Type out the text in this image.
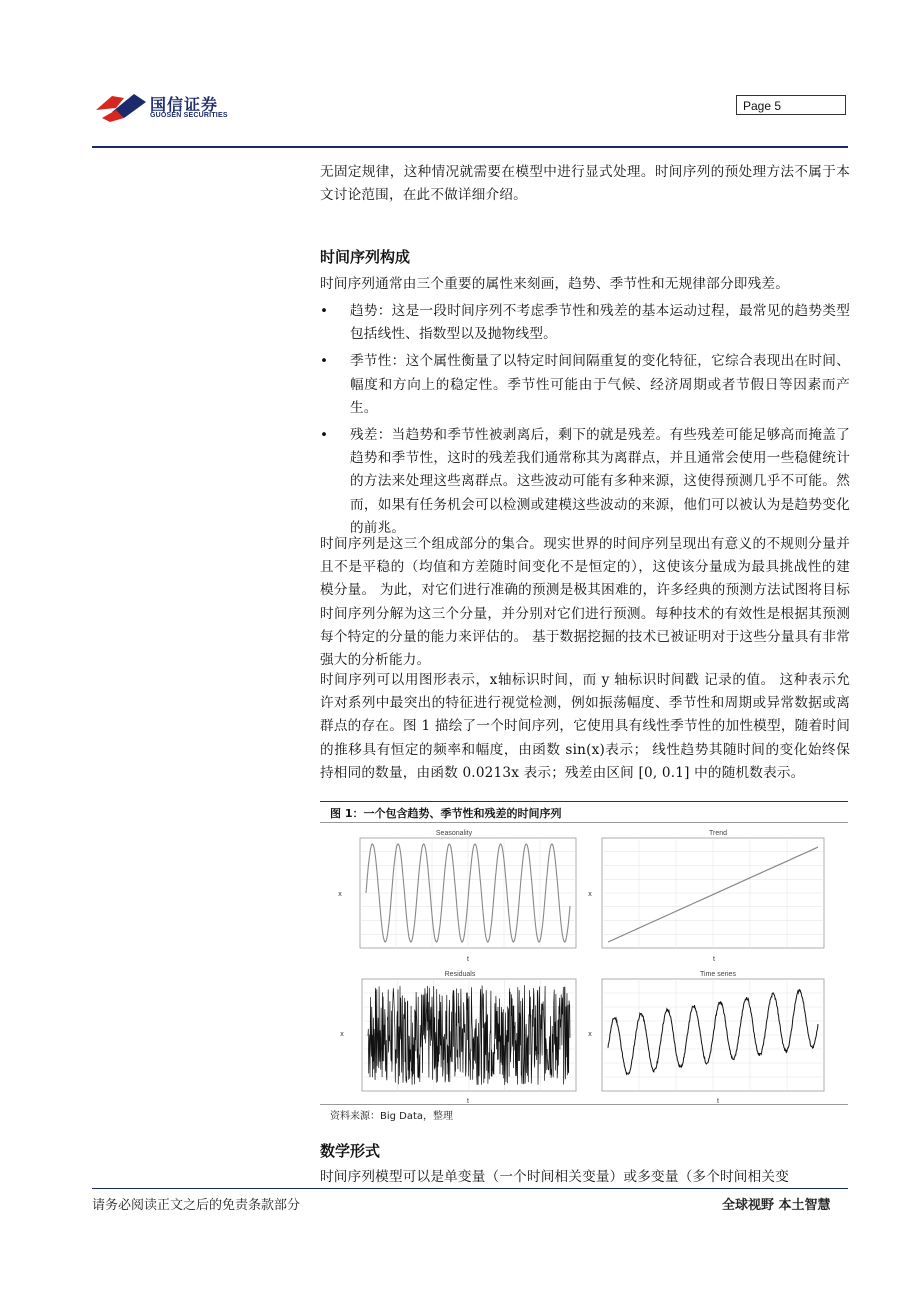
国信证券
GUOSEN SECURITIES
Page 5

无固定规律，这种情况就需要在模型中进行显式处理。时间序列的预处理方法不属于本文讨论范围，在此不做详细介绍。

时间序列构成

时间序列通常由三个重要的属性来刻画，趋势、季节性和无规律部分即残差。

• 趋势：这是一段时间序列不考虑季节性和残差的基本运动过程，最常见的趋势类型包括线性、指数型以及抛物线型。
• 季节性：这个属性衡量了以特定时间间隔重复的变化特征，它综合表现出在时间、幅度和方向上的稳定性。季节性可能由于气候、经济周期或者节假日等因素而产生。
• 残差：当趋势和季节性被剥离后，剩下的就是残差。有些残差可能足够高而掩盖了趋势和季节性，这时的残差我们通常称其为离群点，并且通常会使用一些稳健统计的方法来处理这些离群点。这些波动可能有多种来源，这使得预测几乎不可能。然而，如果有任务机会可以检测或建模这些波动的来源，他们可以被认为是趋势变化的前兆。

时间序列是这三个组成部分的集合。现实世界的时间序列呈现出有意义的不规则分量并且不是平稳的（均值和方差随时间变化不是恒定的），这使该分量成为最具挑战性的建模分量。 为此，对它们进行准确的预测是极其困难的，许多经典的预测方法试图将目标时间序列分解为这三个分量，并分别对它们进行预测。每种技术的有效性是根据其预测每个特定的分量的能力来评估的。 基于数据挖掘的技术已被证明对于这些分量具有非常强大的分析能力。

时间序列可以用图形表示，x轴标识时间，而 y 轴标识时间戳 记录的值。 这种表示允许对系列中最突出的特征进行视觉检测，例如振荡幅度、季节性和周期或异常数据或离群点的存在。图 1 描绘了一个时间序列，它使用具有线性季节性的加性模型，随着时间的推移具有恒定的频率和幅度，由函数 sin(x)表示； 线性趋势其随时间的变化始终保持相同的数量，由函数 0.0213x 表示；残差由区间 [0, 0.1] 中的随机数表示。

图 1：一个包含趋势、季节性和残差的时间序列
Seasonality
t
x
Trend
t
x
Residuals
t
x
Time series
t
x
资料来源：Big Data，整理
数学形式

时间序列模型可以是单变量（一个时间相关变量）或多变量（多个时间相关变

请务必阅读正文之后的免责条款部分	全球视野 本土智慧
